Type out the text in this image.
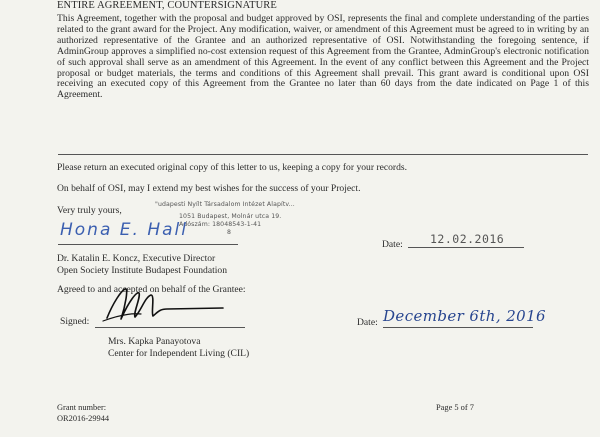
ENTIRE AGREEMENT, COUNTERSIGNATURE
This Agreement, together with the proposal and budget approved by OSI, represents the final and complete understanding of the parties related to the grant award for the Project. Any modification, waiver, or amendment of this Agreement must be agreed to in writing by an authorized representative of the Grantee and an authorized representative of OSI. Notwithstanding the foregoing sentence, if AdminGroup approves a simplified no-cost extension request of this Agreement from the Grantee, AdminGroup's electronic notification of such approval shall serve as an amendment of this Agreement. In the event of any conflict between this Agreement and the Project proposal or budget materials, the terms and conditions of this Agreement shall prevail. This grant award is conditional upon OSI receiving an executed copy of this Agreement from the Grantee no later than 60 days from the date indicated on Page 1 of this Agreement.
Please return an executed original copy of this letter to us, keeping a copy for your records.
On behalf of OSI, may I extend my best wishes for the success of your Project.
Very truly yours,
"udapesti Nyílt Társadalom Intézet Alapítv...
1051 Budapest, Molnár utca 19.
Adószám: 18048543-1-41
8
Hona E. Hall
Date: 12.02.2016
Dr. Katalin E. Koncz, Executive Director
Open Society Institute Budapest Foundation
Agreed to and accepted on behalf of the Grantee:
Signed:	Date: December 6th, 2016
Mrs. Kapka Panayotova
Center for Independent Living (CIL)
Grant number:
OR2016-29944
Page 5 of 7
